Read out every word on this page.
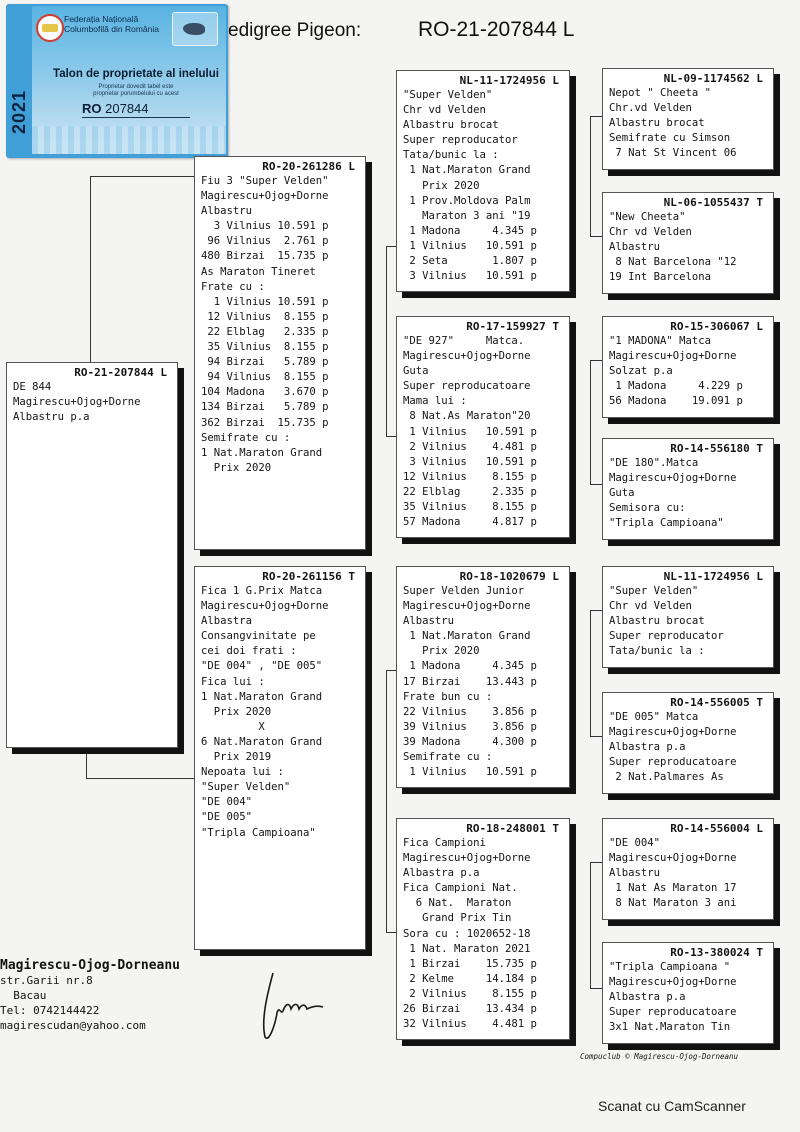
edigree Pigeon:	RO-21-207844 L
Federația Națională
Columbofilă din România
Talon de proprietate al inelului
Proprietar dovedit tabel este
proprietar porumbelului cu acest
RO 207844
2021
RO-21-207844 L
DE 844
Magirescu+Ojog+Dorne
Albastru p.a
RO-20-261286 L
Fiu 3 "Super Velden"
Magirescu+Ojog+Dorne
Albastru
3 Vilnius 10.591 p
96 Vilnius  2.761 p
480 Birzai  15.735 p
As Maraton Tineret
Frate cu :
1 Vilnius 10.591 p
12 Vilnius  8.155 p
22 Elblag   2.335 p
35 Vilnius  8.155 p
94 Birzai   5.789 p
94 Vilnius  8.155 p
104 Madona   3.670 p
134 Birzai   5.789 p
362 Birzai  15.735 p
Semifrate cu :
1 Nat.Maraton Grand
Prix 2020
RO-20-261156 T
Fica 1 G.Prix Matca
Magirescu+Ojog+Dorne
Albastra
Consangvinitate pe
cei doi frati :
"DE 004" , "DE 005"
Fica lui :
1 Nat.Maraton Grand
Prix 2020
X
6 Nat.Maraton Grand
Prix 2019
Nepoata lui :
"Super Velden"
"DE 004"
"DE 005"
"Tripla Campioana"
NL-11-1724956 L
"Super Velden"
Chr vd Velden
Albastru brocat
Super reproducator
Tata/bunic la :
1 Nat.Maraton Grand
Prix 2020
1 Prov.Moldova Palm
Maraton 3 ani "19
1 Madona     4.345 p
1 Vilnius   10.591 p
2 Seta       1.807 p
3 Vilnius   10.591 p
RO-17-159927 T
"DE 927"     Matca.
Magirescu+Ojog+Dorne
Guta
Super reproducatoare
Mama lui :
8 Nat.As Maraton"20
1 Vilnius   10.591 p
2 Vilnius    4.481 p
3 Vilnius   10.591 p
12 Vilnius    8.155 p
22 Elblag     2.335 p
35 Vilnius    8.155 p
57 Madona     4.817 p
RO-18-1020679 L
Super Velden Junior
Magirescu+Ojog+Dorne
Albastru
1 Nat.Maraton Grand
Prix 2020
1 Madona     4.345 p
17 Birzai    13.443 p
Frate bun cu :
22 Vilnius    3.856 p
39 Vilnius    3.856 p
39 Madona     4.300 p
Semifrate cu :
1 Vilnius   10.591 p
RO-18-248001 T
Fica Campioni
Magirescu+Ojog+Dorne
Albastra p.a
Fica Campioni Nat.
6 Nat.  Maraton
Grand Prix Tin
Sora cu : 1020652-18
1 Nat. Maraton 2021
1 Birzai    15.735 p
2 Kelme     14.184 p
2 Vilnius    8.155 p
26 Birzai    13.434 p
32 Vilnius    4.481 p
NL-09-1174562 L
Nepot " Cheeta "
Chr.vd Velden
Albastru brocat
Semifrate cu Simson
7 Nat St Vincent 06
NL-06-1055437 T
"New Cheeta"
Chr vd Velden
Albastru
8 Nat Barcelona "12
19 Int Barcelona
RO-15-306067 L
"1 MADONA" Matca
Magirescu+Ojog+Dorne
Solzat p.a
1 Madona     4.229 p
56 Madona    19.091 p
RO-14-556180 T
"DE 180".Matca
Magirescu+Ojog+Dorne
Guta
Semisora cu:
"Tripla Campioana"
NL-11-1724956 L
"Super Velden"
Chr vd Velden
Albastru brocat
Super reproducator
Tata/bunic la :
RO-14-556005 T
"DE 005" Matca
Magirescu+Ojog+Dorne
Albastra p.a
Super reproducatoare
2 Nat.Palmares As
RO-14-556004 L
"DE 004"
Magirescu+Ojog+Dorne
Albastru
1 Nat As Maraton 17
8 Nat Maraton 3 ani
RO-13-380024 T
"Tripla Campioana "
Magirescu+Ojog+Dorne
Albastra p.a
Super reproducatoare
3x1 Nat.Maraton Tin
Magirescu-Ojog-Dorneanu
str.Garii nr.8
Bacau
Tel: 0742144422
magirescudan@yahoo.com
Compuclub © Magirescu-Ojog-Dorneanu
Scanat cu CamScanner
